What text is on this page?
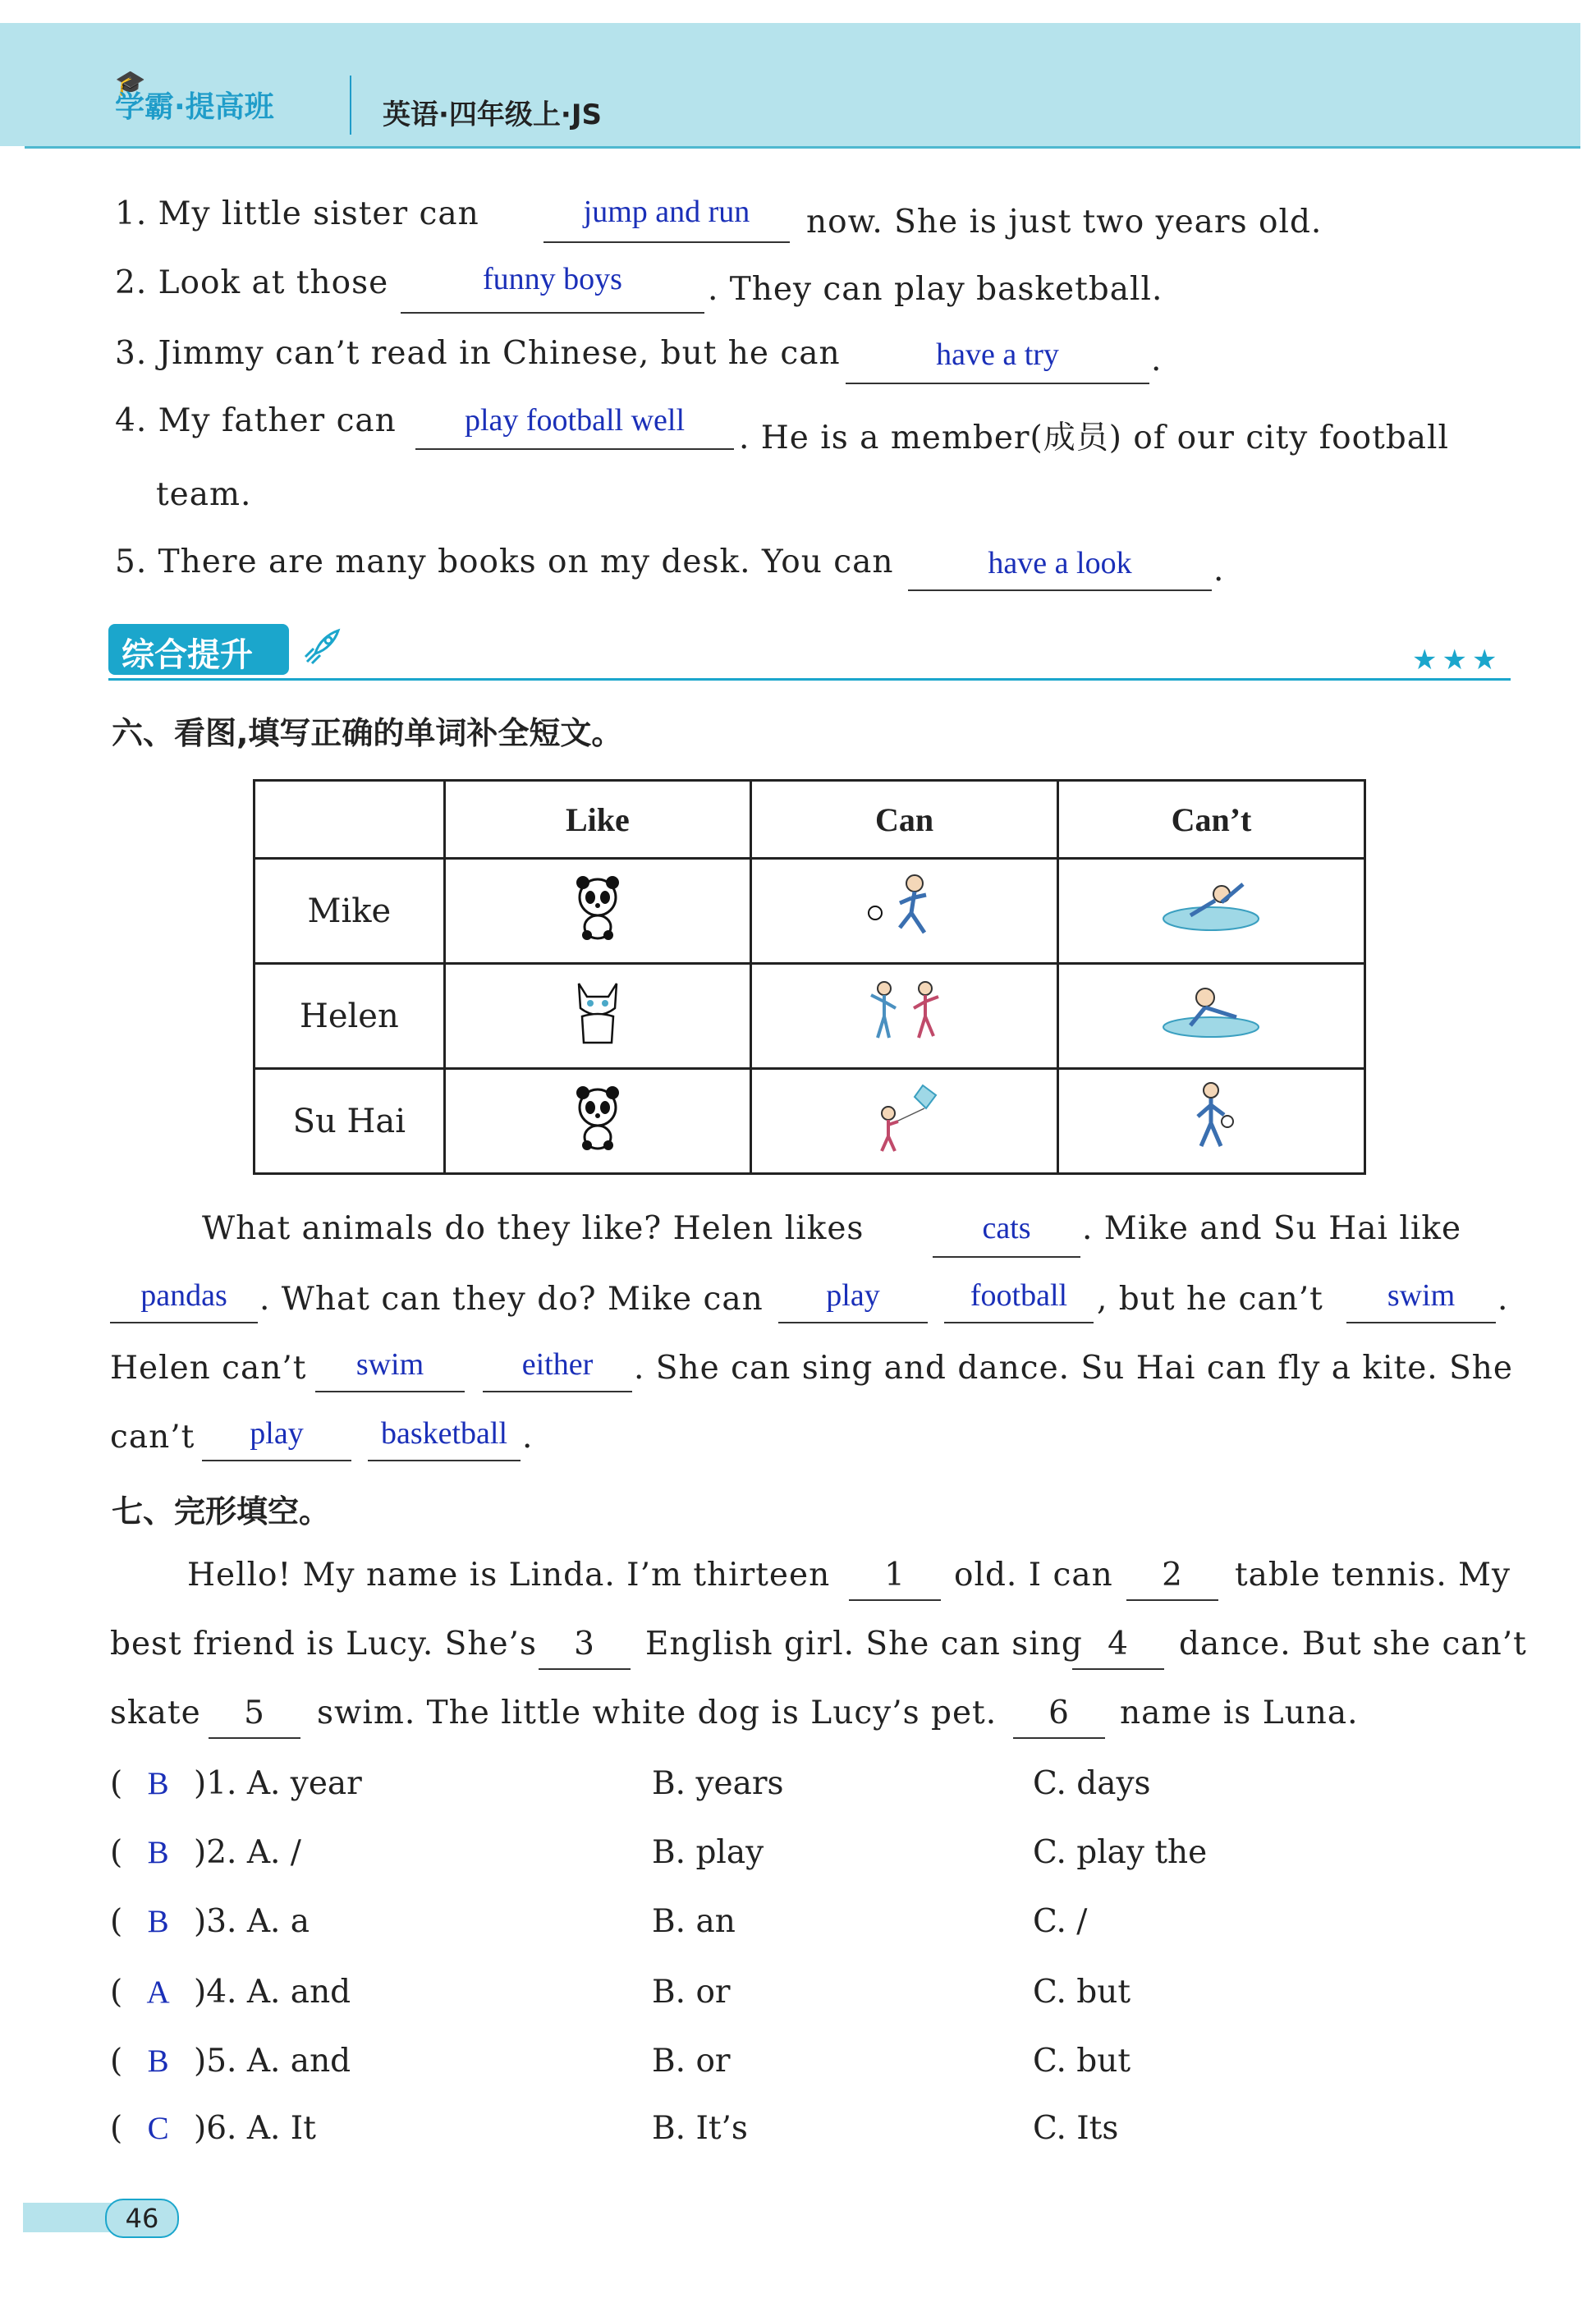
🎓
学霸·提高班	英语·四年级上·JS
1. My little sister can	jump and run	now. She is just two years old.
2. Look at those	funny boys	. They can play basketball.
3. Jimmy can’t read in Chinese, but he can	have a try	.
4. My father can	play football well	. He is a member(成员) of our city football
team.
5. There are many books on my desk. You can	have a look	.
综合提升	★★★
六、看图,填写正确的单词补全短文。
	Like	Can	Can’t
Mike			
Helen			
Su Hai			
What animals do they like? Helen likes	cats	. Mike and Su Hai like
pandas	. What can they do? Mike can	play	football , but he can’t	swim	.
Helen can’t	swim	either	. She can sing and dance. Su Hai can fly a kite. She
can’t	play	basketball .
七、完形填空。
Hello! My name is Linda. I’m thirteen	1	old. I can	2	table tennis. My
best friend is Lucy. She’s	3	English girl. She can sing 4	dance. But she can’t
skate	5	swim. The little white dog is Lucy’s pet.	6	name is Luna.
( B )1. A. year	B. years	C. days
( B )2. A. /	B. play	C. play the
( B )3. A. a	B. an	C. /
( A )4. A. and	B. or	C. but
( B )5. A. and	B. or	C. but
( C )6. A. It	B. It’s	C. Its
46
